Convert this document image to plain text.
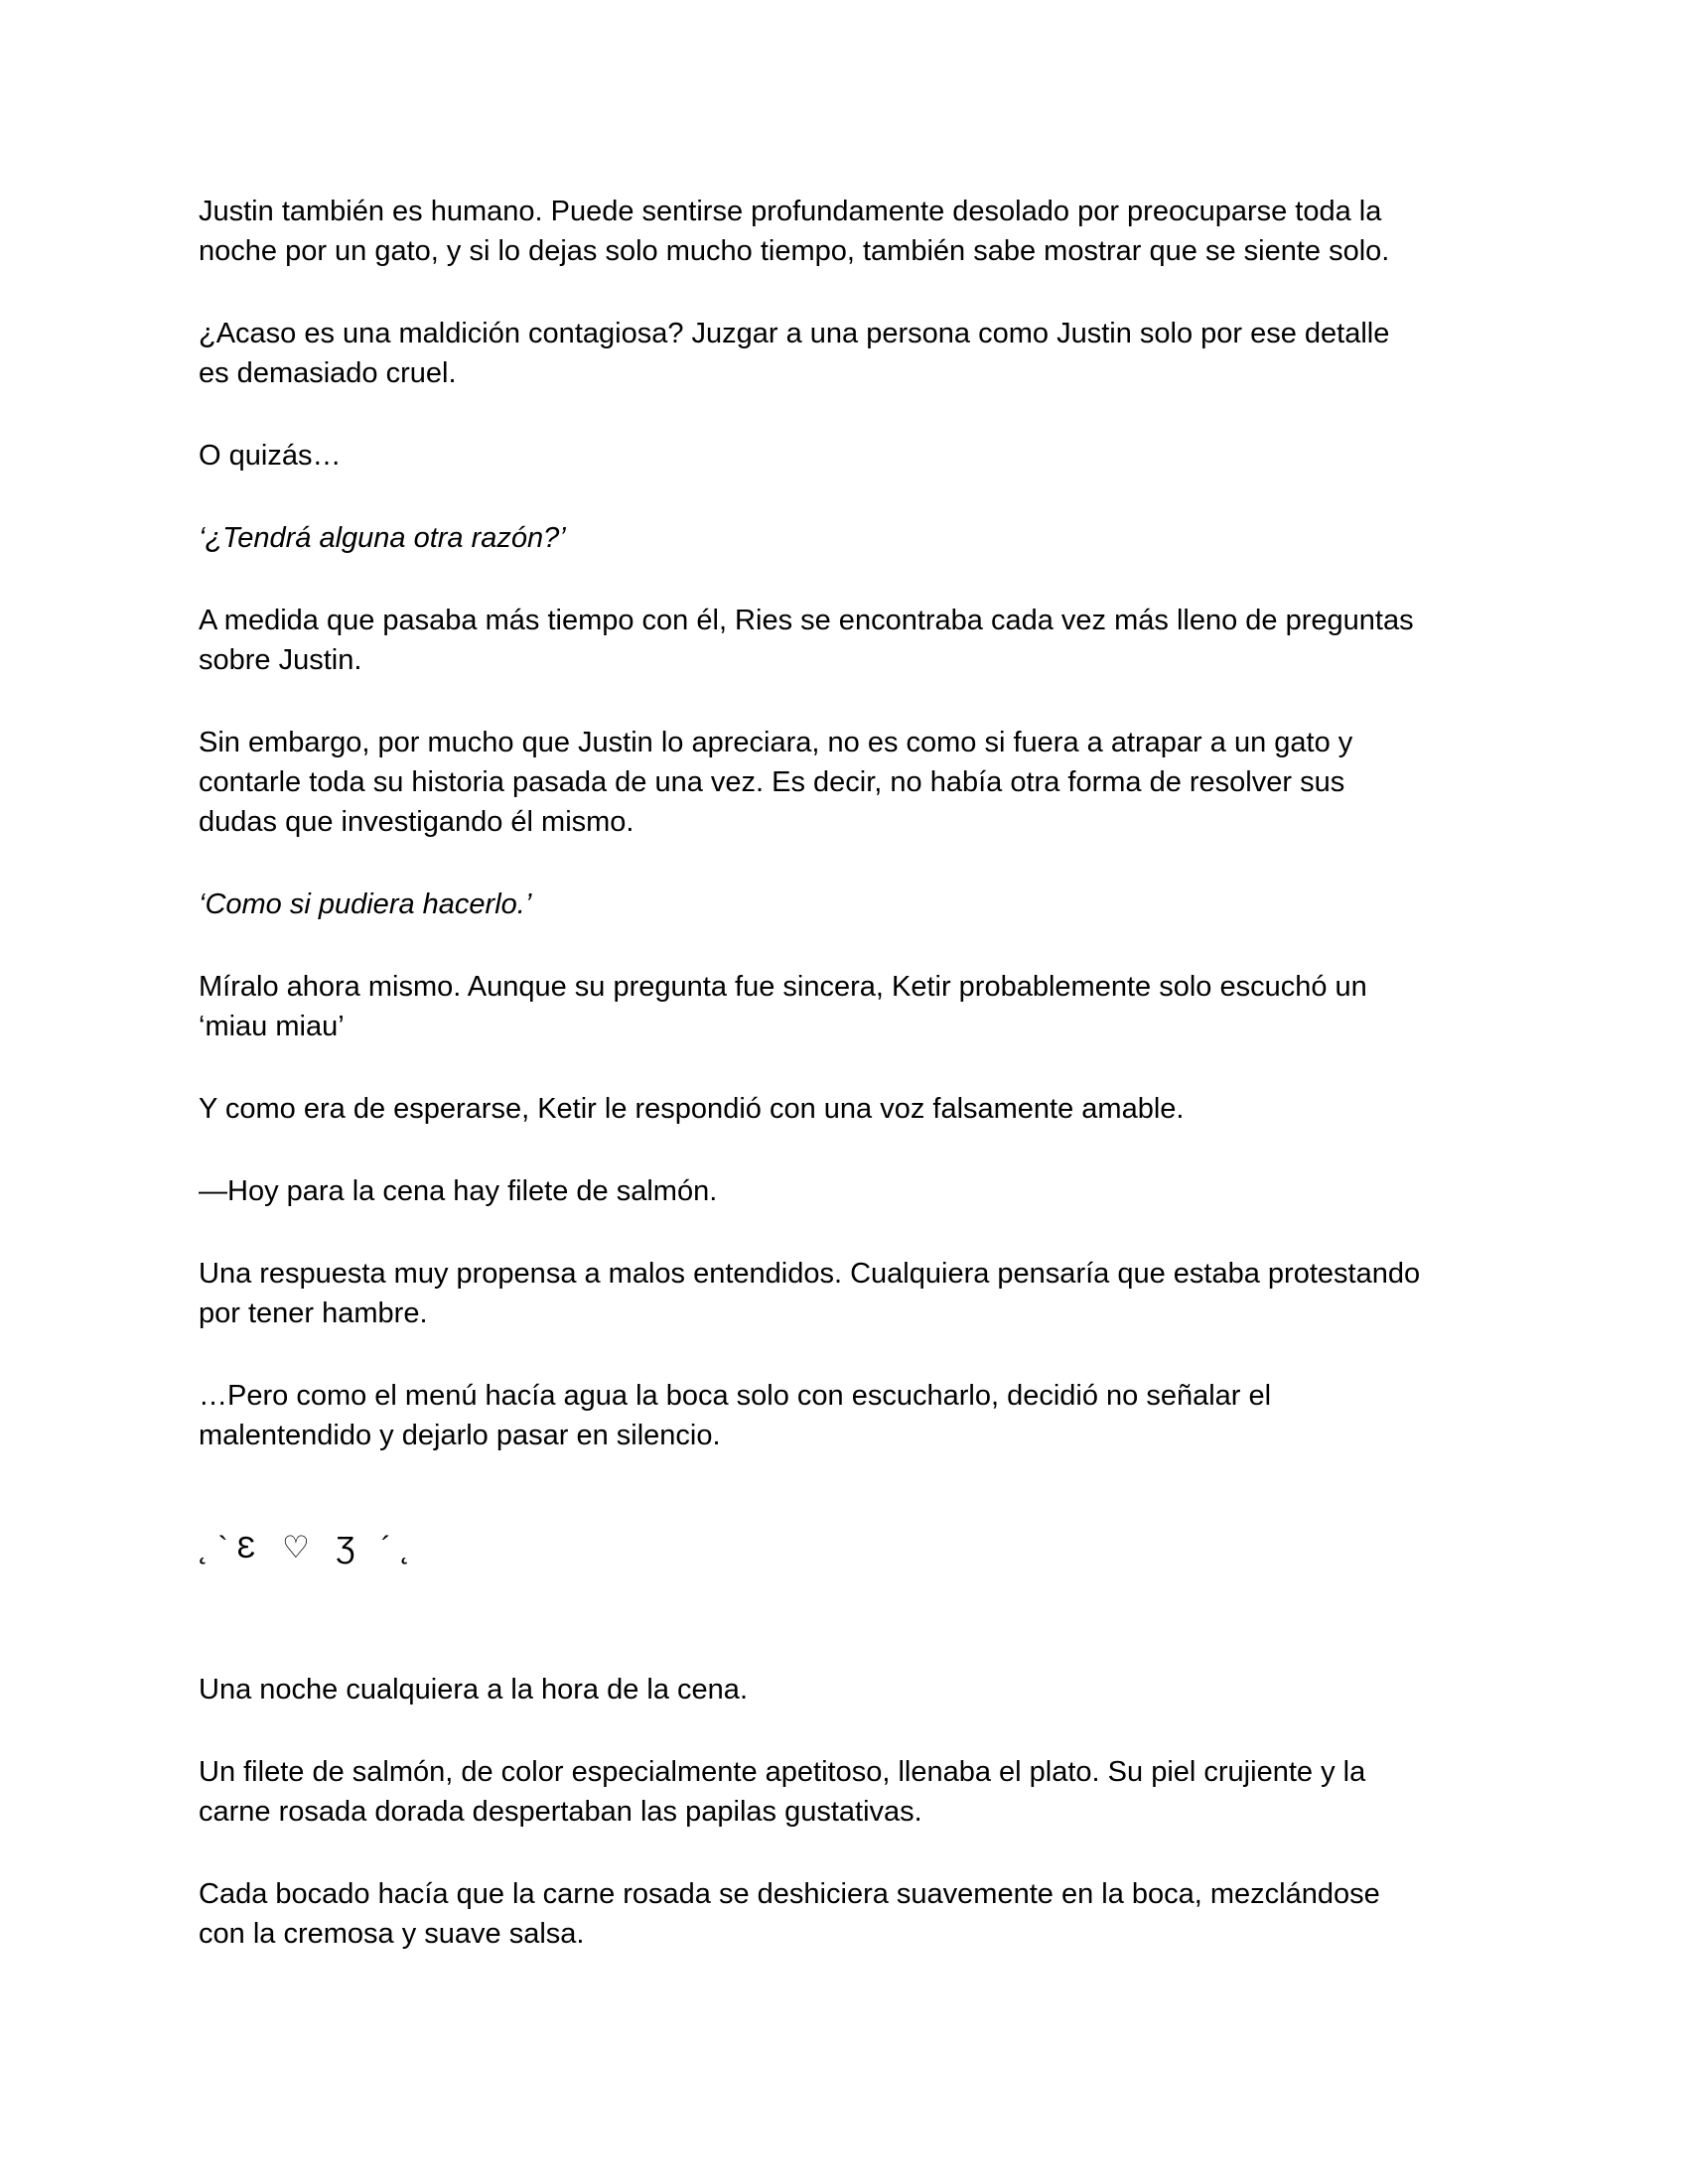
Justin también es humano. Puede sentirse profundamente desolado por preocuparse toda la
noche por un gato, y si lo dejas solo mucho tiempo, también sabe mostrar que se siente solo.

¿Acaso es una maldición contagiosa? Juzgar a una persona como Justin solo por ese detalle
es demasiado cruel.

O quizás…

‘¿Tendrá alguna otra razón?’

A medida que pasaba más tiempo con él, Ries se encontraba cada vez más lleno de preguntas
sobre Justin.

Sin embargo, por mucho que Justin lo apreciara, no es como si fuera a atrapar a un gato y
contarle toda su historia pasada de una vez. Es decir, no había otra forma de resolver sus
dudas que investigando él mismo.

‘Como si pudiera hacerlo.’

Míralo ahora mismo. Aunque su pregunta fue sincera, Ketir probablemente solo escuchó un
‘miau miau’

Y como era de esperarse, Ketir le respondió con una voz falsamente amable.

—Hoy para la cena hay filete de salmón.

Una respuesta muy propensa a malos entendidos. Cualquiera pensaría que estaba protestando
por tener hambre.

…Pero como el menú hacía agua la boca solo con escucharlo, decidió no señalar el
malentendido y dejarlo pasar en silencio.

˛`Ɛ ♡ Ʒ ´˛

Una noche cualquiera a la hora de la cena.

Un filete de salmón, de color especialmente apetitoso, llenaba el plato. Su piel crujiente y la
carne rosada dorada despertaban las papilas gustativas.

Cada bocado hacía que la carne rosada se deshiciera suavemente en la boca, mezclándose
con la cremosa y suave salsa.
